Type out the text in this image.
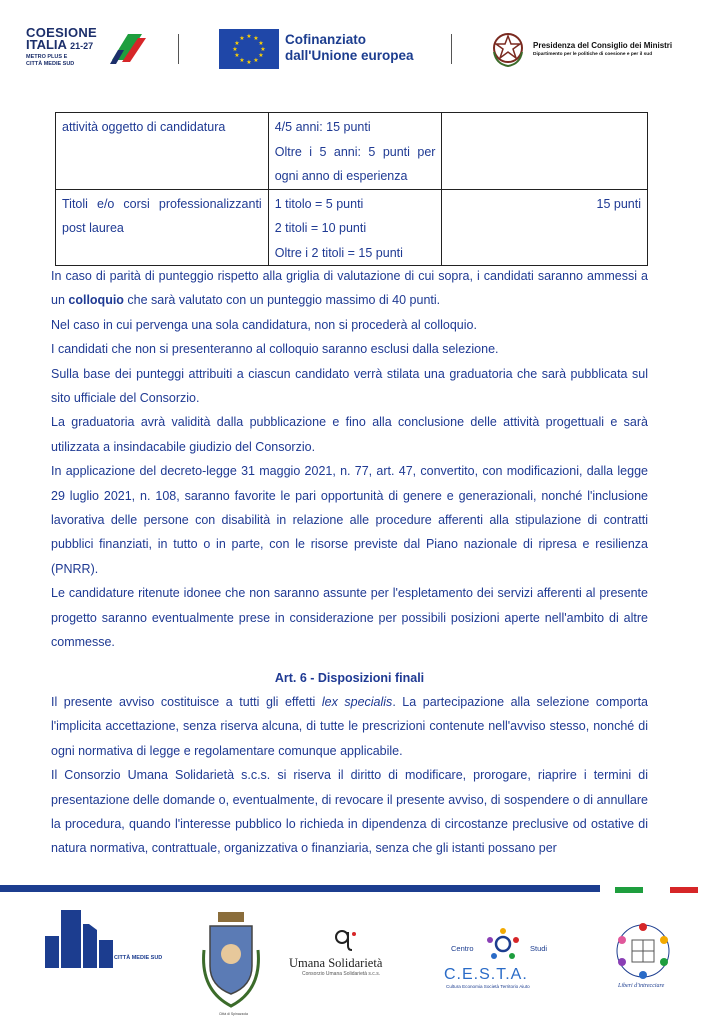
COESIONE
ITALIA 21-27
METRO PLUS E
CITTÀ MEDIE SUD
★ ★
★
★
★
★
★
★
★
★
★
★	Cofinanziato
dall'Unione europea
Presidenza del Consiglio dei Ministri
Dipartimento per le politiche di coesione e per il sud
attività oggetto di candidatura	4/5 anni: 15 punti
Oltre i 5 anni: 5 punti per
ogni anno di esperienza	

Titoli e/o corsi professionalizzanti
post laurea	1 titolo = 5 punti
2 titoli = 10 punti
Oltre i 2 titoli = 15 punti	15 punti

In caso di parità di punteggio rispetto alla griglia di valutazione di cui sopra, i candidati saranno ammessi a un colloquio che sarà valutato con un punteggio massimo di 40 punti.

Nel caso in cui pervenga una sola candidatura, non si procederà al colloquio.

I candidati che non si presenteranno al colloquio saranno esclusi dalla selezione.

Sulla base dei punteggi attribuiti a ciascun candidato verrà stilata una graduatoria che sarà pubblicata sul sito ufficiale del Consorzio.

La graduatoria avrà validità dalla pubblicazione e fino alla conclusione delle attività progettuali e sarà utilizzata a insindacabile giudizio del Consorzio.

In applicazione del decreto-legge 31 maggio 2021, n. 77, art. 47, convertito, con modificazioni, dalla legge 29 luglio 2021, n. 108, saranno favorite le pari opportunità di genere e generazionali, nonché l'inclusione lavorativa delle persone con disabilità in relazione alle procedure afferenti alla stipulazione di contratti pubblici finanziati, in tutto o in parte, con le risorse previste dal Piano nazionale di ripresa e resilienza (PNRR).

Le candidature ritenute idonee che non saranno assunte per l'espletamento dei servizi afferenti al presente progetto saranno eventualmente prese in considerazione per possibili posizioni aperte nell'ambito di altre commesse.

Art. 6 - Disposizioni finali

Il presente avviso costituisce a tutti gli effetti lex specialis. La partecipazione alla selezione comporta l'implicita accettazione, senza riserva alcuna, di tutte le prescrizioni contenute nell'avviso stesso, nonché di ogni normativa di legge e regolamentare comunque applicabile.

Il Consorzio Umana Solidarietà s.c.s. si riserva il diritto di modificare, prorogare, riaprire i termini di presentazione delle domande o, eventualmente, di revocare il presente avviso, di sospendere o di annullare la procedura, quando l'interesse pubblico lo richieda in dipendenza di circostanze preclusive od ostative di natura normativa, contrattuale, organizzativa o finanziaria, senza che gli istanti possano per

CITTÀ MEDIE SUD
Città di Spinazzola
Umana Solidarietà
Consorzio Umana Solidarietà s.c.s.
Centro	Studi
C.E.S.T.A.
Cultura Economia Società Territorio Aiuto	Liberi d'intrecciare
